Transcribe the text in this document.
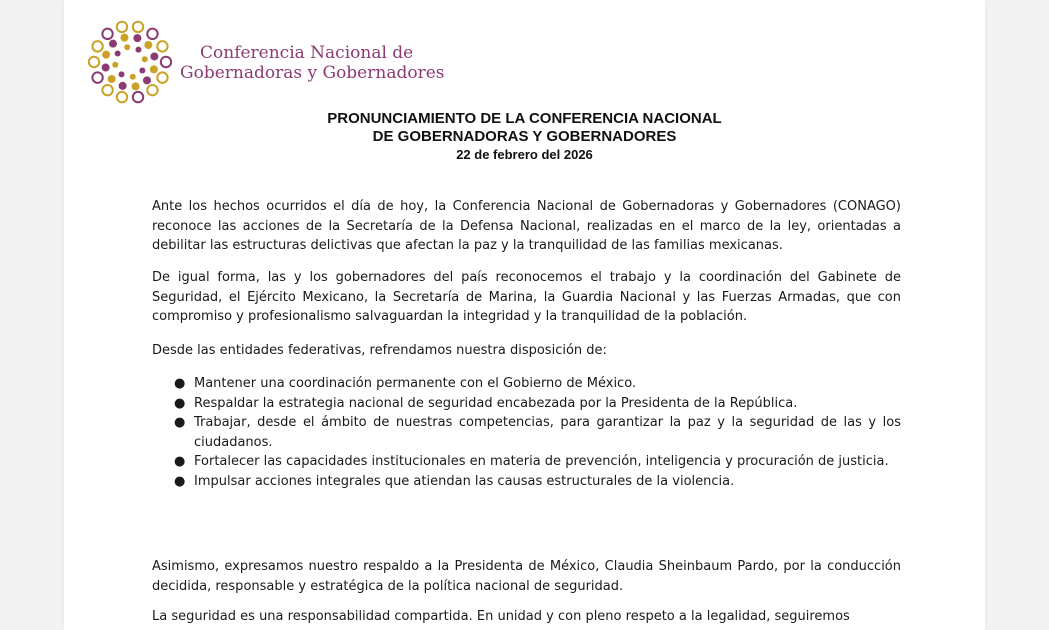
Conferencia Nacional de
Gobernadoras y Gobernadores
PRONUNCIAMIENTO DE LA CONFERENCIA NACIONAL
DE GOBERNADORAS Y GOBERNADORES
22 de febrero del 2026
Ante los hechos ocurridos el día de hoy, la Conferencia Nacional de Gobernadoras y Gobernadores (CONAGO) reconoce las acciones de la Secretaría de la Defensa Nacional, realizadas en el marco de la ley, orientadas a debilitar las estructuras delictivas que afectan la paz y la tranquilidad de las familias mexicanas.
De igual forma, las y los gobernadores del país reconocemos el trabajo y la coordinación del Gabinete de Seguridad, el Ejército Mexicano, la Secretaría de Marina, la Guardia Nacional y las Fuerzas Armadas, que con compromiso y profesionalismo salvaguardan la integridad y la tranquilidad de la población.
Desde las entidades federativas, refrendamos nuestra disposición de:
● Mantener una coordinación permanente con el Gobierno de México.
● Respaldar la estrategia nacional de seguridad encabezada por la Presidenta de la República.
● Trabajar, desde el ámbito de nuestras competencias, para garantizar la paz y la seguridad de las y los ciudadanos.
● Fortalecer las capacidades institucionales en materia de prevención, inteligencia y procuración de justicia.
● Impulsar acciones integrales que atiendan las causas estructurales de la violencia.
Asimismo, expresamos nuestro respaldo a la Presidenta de México, Claudia Sheinbaum Pardo, por la conducción decidida, responsable y estratégica de la política nacional de seguridad.
La seguridad es una responsabilidad compartida. En unidad y con pleno respeto a la legalidad, seguiremos
